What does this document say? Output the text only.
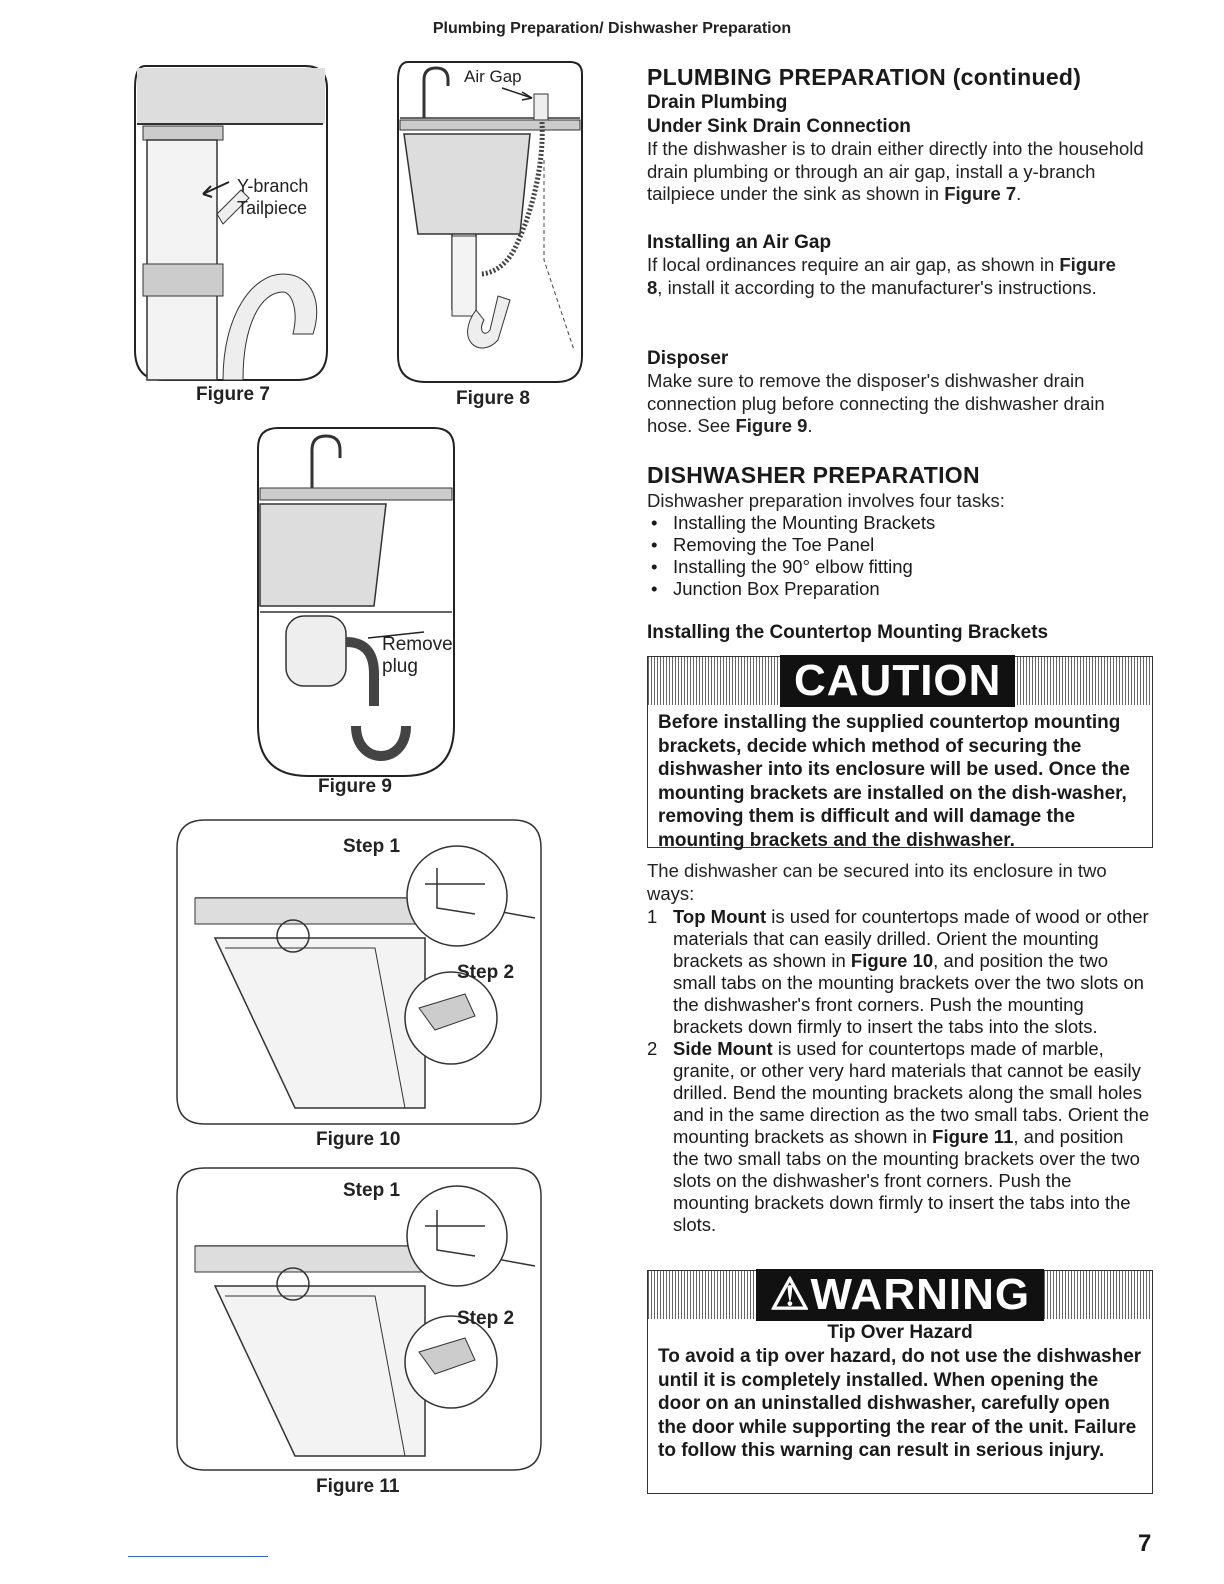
Plumbing Preparation/ Dishwasher Preparation
Y-branch
Tailpiece
Figure 7
Air Gap
Figure 8
Remove
plug
Figure 9
Step 1
Step 2
Figure 10
Step 1
Step 2
Figure 11
PLUMBING PREPARATION (continued)
Drain Plumbing
Under Sink Drain Connection
If the dishwasher is to drain either directly into the household drain plumbing or through an air gap, install a y-branch tailpiece under the sink as shown in Figure 7.
Installing an Air Gap
If local ordinances require an air gap, as shown in Figure 8, install it according to the manufacturer's instructions.
Disposer
Make sure to remove the disposer's dishwasher drain connection plug before connecting the dishwasher drain hose. See Figure 9.
DISHWASHER PREPARATION
Dishwasher preparation involves four tasks:
• Installing the Mounting Brackets
• Removing the Toe Panel
• Installing the 90° elbow fitting
• Junction Box Preparation
Installing the Countertop Mounting Brackets
CAUTION
Before installing the supplied countertop mounting brackets, decide which method of securing the dishwasher into its enclosure will be used. Once the mounting brackets are installed on the dish-washer, removing them is difficult and will damage the mounting brackets and the dishwasher.
The dishwasher can be secured into its enclosure in two ways:
1 Top Mount is used for countertops made of wood or other materials that can easily drilled. Orient the mounting brackets as shown in Figure 10, and position the two small tabs on the mounting brackets over the two slots on the dishwasher's front corners. Push the mounting brackets down firmly to insert the tabs into the slots.
2 Side Mount is used for countertops made of marble, granite, or other very hard materials that cannot be easily drilled. Bend the mounting brackets along the small holes and in the same direction as the two small tabs. Orient the mounting brackets as shown in Figure 11, and position the two small tabs on the mounting brackets over the two slots on the dishwasher's front corners. Push the mounting brackets down firmly to insert the tabs into the slots.
⚠WARNING
Tip Over Hazard
To avoid a tip over hazard, do not use the dishwasher until it is completely installed. When opening the door on an uninstalled dishwasher, carefully open the door while supporting the rear of the unit. Failure to follow this warning can result in serious injury.
7
